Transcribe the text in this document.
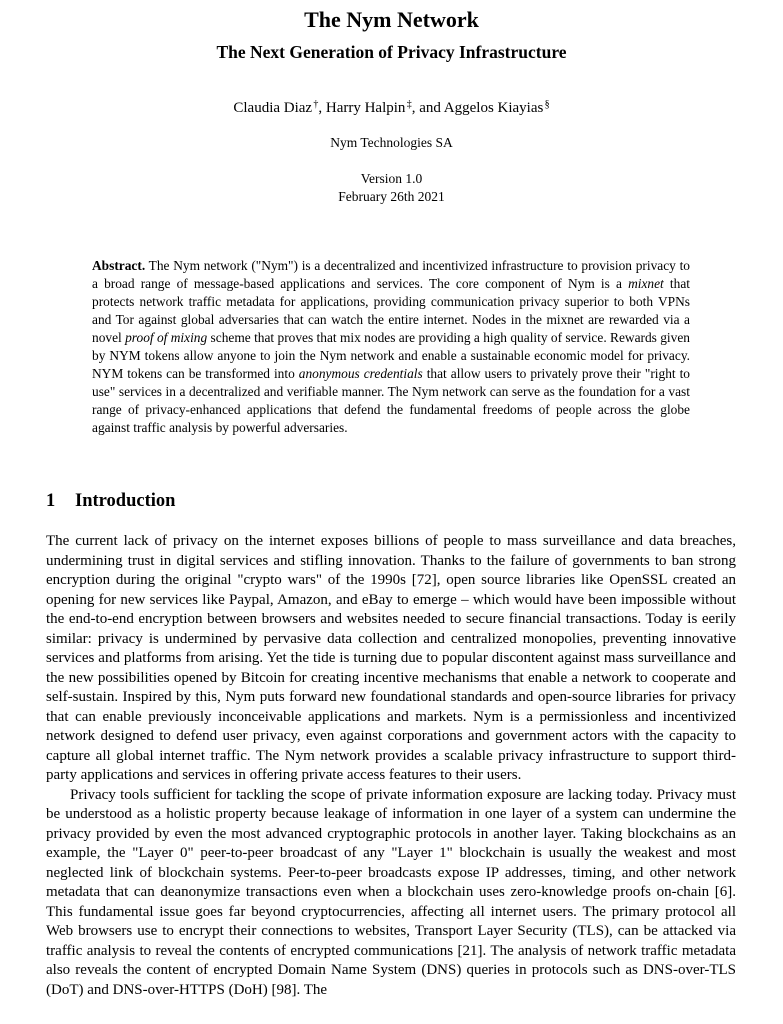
The Nym Network
The Next Generation of Privacy Infrastructure
Claudia Diaz †, Harry Halpin ‡, and Aggelos Kiayias §
Nym Technologies SA
Version 1.0
February 26th 2021
Abstract. The Nym network ("Nym") is a decentralized and incentivized infrastructure to provision privacy to a broad range of message-based applications and services. The core component of Nym is a mixnet that protects network traffic metadata for applications, providing communication privacy superior to both VPNs and Tor against global adversaries that can watch the entire internet. Nodes in the mixnet are rewarded via a novel proof of mixing scheme that proves that mix nodes are providing a high quality of service. Rewards given by NYM tokens allow anyone to join the Nym network and enable a sustainable economic model for privacy. NYM tokens can be transformed into anonymous credentials that allow users to privately prove their "right to use" services in a decentralized and verifiable manner. The Nym network can serve as the foundation for a vast range of privacy-enhanced applications that defend the fundamental freedoms of people across the globe against traffic analysis by powerful adversaries.
1 Introduction

The current lack of privacy on the internet exposes billions of people to mass surveillance and data breaches, undermining trust in digital services and stifling innovation. Thanks to the failure of governments to ban strong encryption during the original "crypto wars" of the 1990s [72], open source libraries like OpenSSL created an opening for new services like Paypal, Amazon, and eBay to emerge – which would have been impossible without the end-to-end encryption between browsers and websites needed to secure financial transactions. Today is eerily similar: privacy is undermined by pervasive data collection and centralized monopolies, preventing innovative services and platforms from arising. Yet the tide is turning due to popular discontent against mass surveillance and the new possibilities opened by Bitcoin for creating incentive mechanisms that enable a network to cooperate and self-sustain. Inspired by this, Nym puts forward new foundational standards and open-source libraries for privacy that can enable previously inconceivable applications and markets. Nym is a permissionless and incentivized network designed to defend user privacy, even against corporations and government actors with the capacity to capture all global internet traffic. The Nym network provides a scalable privacy infrastructure to support third-party applications and services in offering private access features to their users.

Privacy tools sufficient for tackling the scope of private information exposure are lacking today. Privacy must be understood as a holistic property because leakage of information in one layer of a system can undermine the privacy provided by even the most advanced cryptographic protocols in another layer. Taking blockchains as an example, the "Layer 0" peer-to-peer broadcast of any "Layer 1" blockchain is usually the weakest and most neglected link of blockchain systems. Peer-to-peer broadcasts expose IP addresses, timing, and other network metadata that can deanonymize transactions even when a blockchain uses zero-knowledge proofs on-chain [6]. This fundamental issue goes far beyond cryptocurrencies, affecting all internet users. The primary protocol all Web browsers use to encrypt their connections to websites, Transport Layer Security (TLS), can be attacked via traffic analysis to reveal the contents of encrypted communications [21]. The analysis of network traffic metadata also reveals the content of encrypted Domain Name System (DNS) queries in protocols such as DNS-over-TLS (DoT) and DNS-over-HTTPS (DoH) [98]. The
